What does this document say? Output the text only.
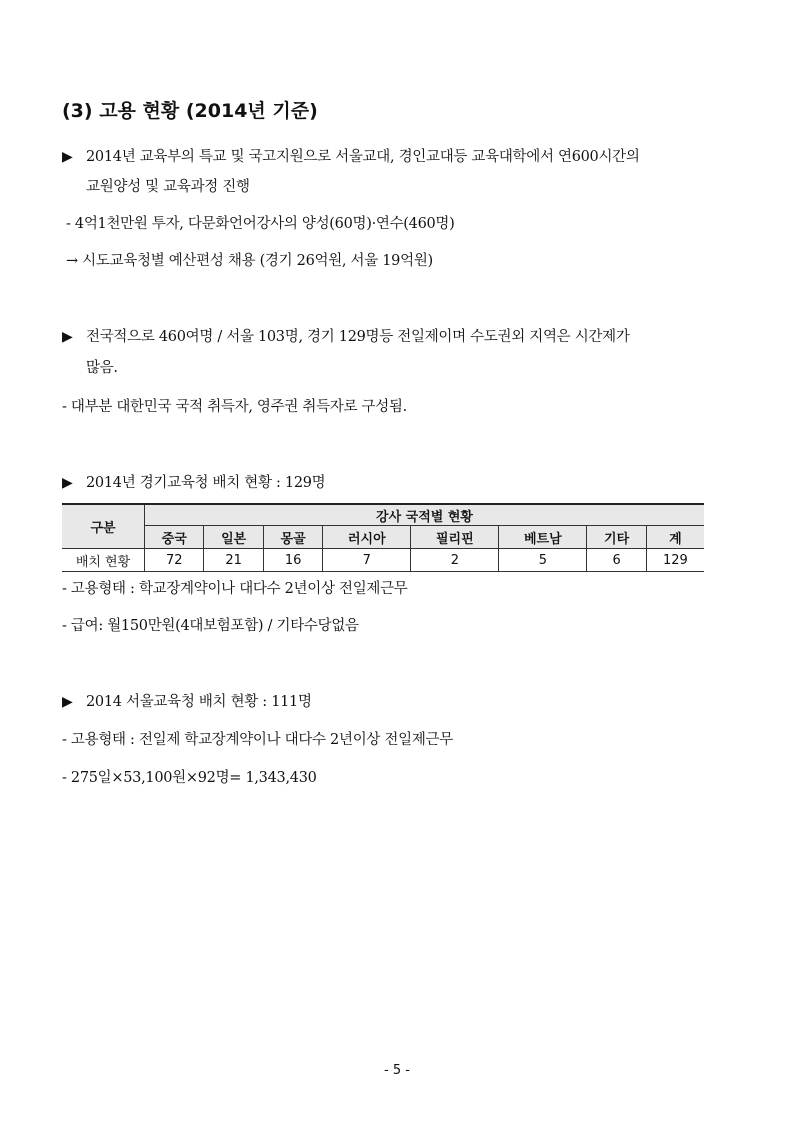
(3) 고용 현황 (2014년 기준)
▶ 2014년 교육부의 특교 및 국고지원으로 서울교대, 경인교대등 교육대학에서 연600시간의
교원양성 및 교육과정 진행
- 4억1천만원 투자, 다문화언어강사의 양성(60명)·연수(460명)
→ 시도교육청별 예산편성 채용 (경기 26억원, 서울 19억원)
▶ 전국적으로 460여명 / 서울 103명, 경기 129명등 전일제이며 수도권외 지역은 시간제가
많음.
- 대부분 대한민국 국적 취득자, 영주권 취득자로 구성됨.
▶ 2014년 경기교육청 배치 현황 : 129명
구분	강사 국적별 현황							
	중국	일본	몽골	러시아	필리핀	베트남	기타	계
배치 현황	72	21	16	7	2	5	6	129
- 고용형태 : 학교장계약이나 대다수 2년이상 전일제근무
- 급여: 월150만원(4대보험포함) / 기타수당없음
▶ 2014 서울교육청 배치 현황 : 111명
- 고용형태 : 전일제 학교장계약이나 대다수 2년이상 전일제근무
- 275일×53,100원×92명= 1,343,430
- 5 -
